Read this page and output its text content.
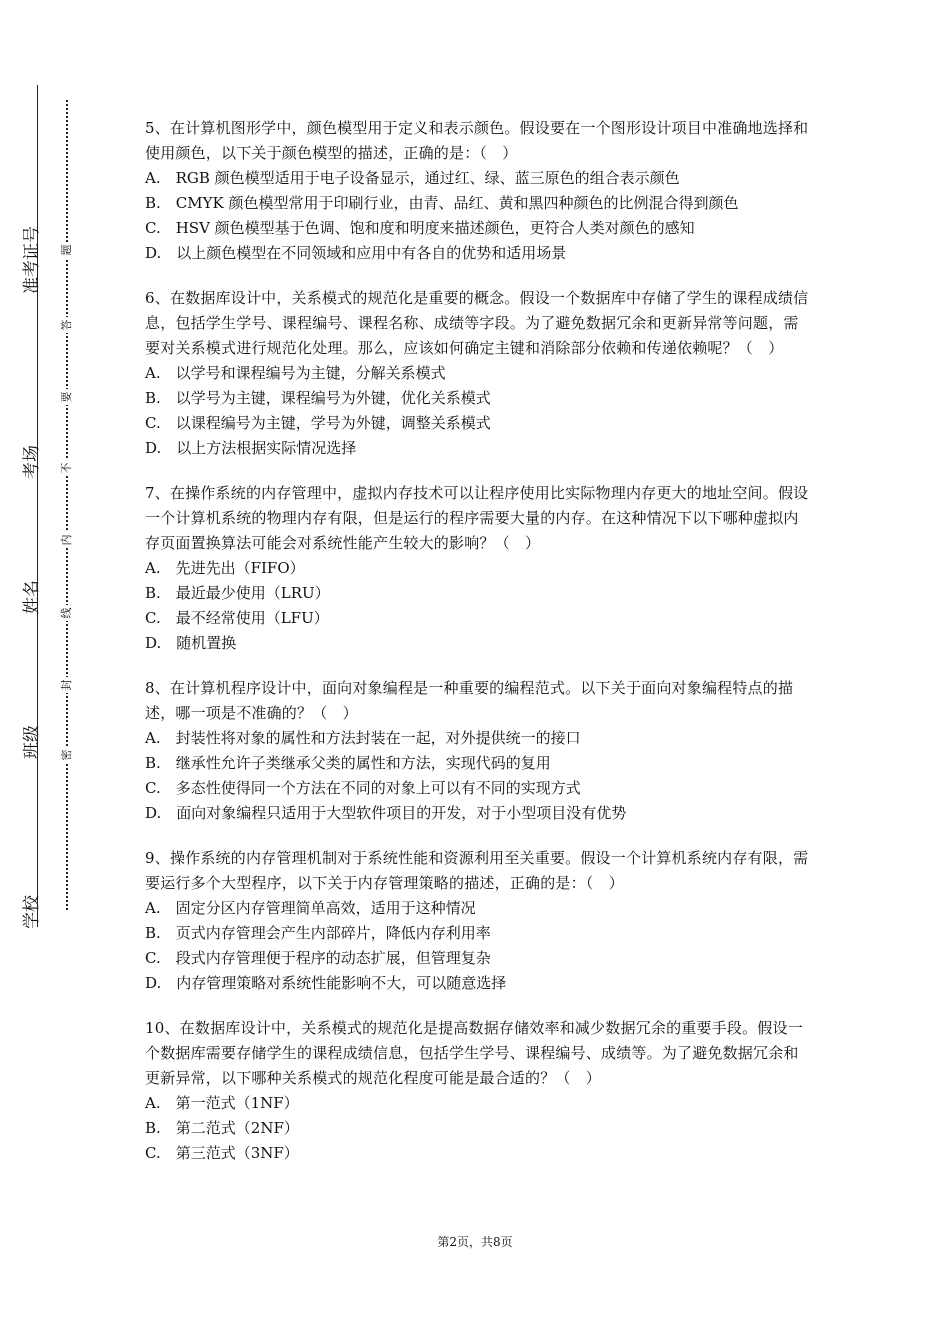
准考证号
考场
姓名
班级
学校
题
答
要
不
内
线
封
密
5、在计算机图形学中，颜色模型用于定义和表示颜色。假设要在一个图形设计项目中准确地选择和使用颜色，以下关于颜色模型的描述，正确的是：（　）
A.　RGB 颜色模型适用于电子设备显示，通过红、绿、蓝三原色的组合表示颜色
B.　CMYK 颜色模型常用于印刷行业，由青、品红、黄和黑四种颜色的比例混合得到颜色
C.　HSV 颜色模型基于色调、饱和度和明度来描述颜色，更符合人类对颜色的感知
D.　以上颜色模型在不同领域和应用中有各自的优势和适用场景
6、在数据库设计中，关系模式的规范化是重要的概念。假设一个数据库中存储了学生的课程成绩信息，包括学生学号、课程编号、课程名称、成绩等字段。为了避免数据冗余和更新异常等问题，需要对关系模式进行规范化处理。那么，应该如何确定主键和消除部分依赖和传递依赖呢？（　）
A.　以学号和课程编号为主键，分解关系模式
B.　以学号为主键，课程编号为外键，优化关系模式
C.　以课程编号为主键，学号为外键，调整关系模式
D.　以上方法根据实际情况选择
7、在操作系统的内存管理中，虚拟内存技术可以让程序使用比实际物理内存更大的地址空间。假设一个计算机系统的物理内存有限，但是运行的程序需要大量的内存。在这种情况下以下哪种虚拟内存页面置换算法可能会对系统性能产生较大的影响？（　）
A.　先进先出（FIFO）
B.　最近最少使用（LRU）
C.　最不经常使用（LFU）
D.　随机置换
8、在计算机程序设计中，面向对象编程是一种重要的编程范式。以下关于面向对象编程特点的描述，哪一项是不准确的？（　）
A.　封装性将对象的属性和方法封装在一起，对外提供统一的接口
B.　继承性允许子类继承父类的属性和方法，实现代码的复用
C.　多态性使得同一个方法在不同的对象上可以有不同的实现方式
D.　面向对象编程只适用于大型软件项目的开发，对于小型项目没有优势
9、操作系统的内存管理机制对于系统性能和资源利用至关重要。假设一个计算机系统内存有限，需要运行多个大型程序，以下关于内存管理策略的描述，正确的是：（　）
A.　固定分区内存管理简单高效，适用于这种情况
B.　页式内存管理会产生内部碎片，降低内存利用率
C.　段式内存管理便于程序的动态扩展，但管理复杂
D.　内存管理策略对系统性能影响不大，可以随意选择
10、在数据库设计中，关系模式的规范化是提高数据存储效率和减少数据冗余的重要手段。假设一个数据库需要存储学生的课程成绩信息，包括学生学号、课程编号、成绩等。为了避免数据冗余和更新异常，以下哪种关系模式的规范化程度可能是最合适的？（　）
A.　第一范式（1NF）
B.　第二范式（2NF）
C.　第三范式（3NF）
第2页，共8页
